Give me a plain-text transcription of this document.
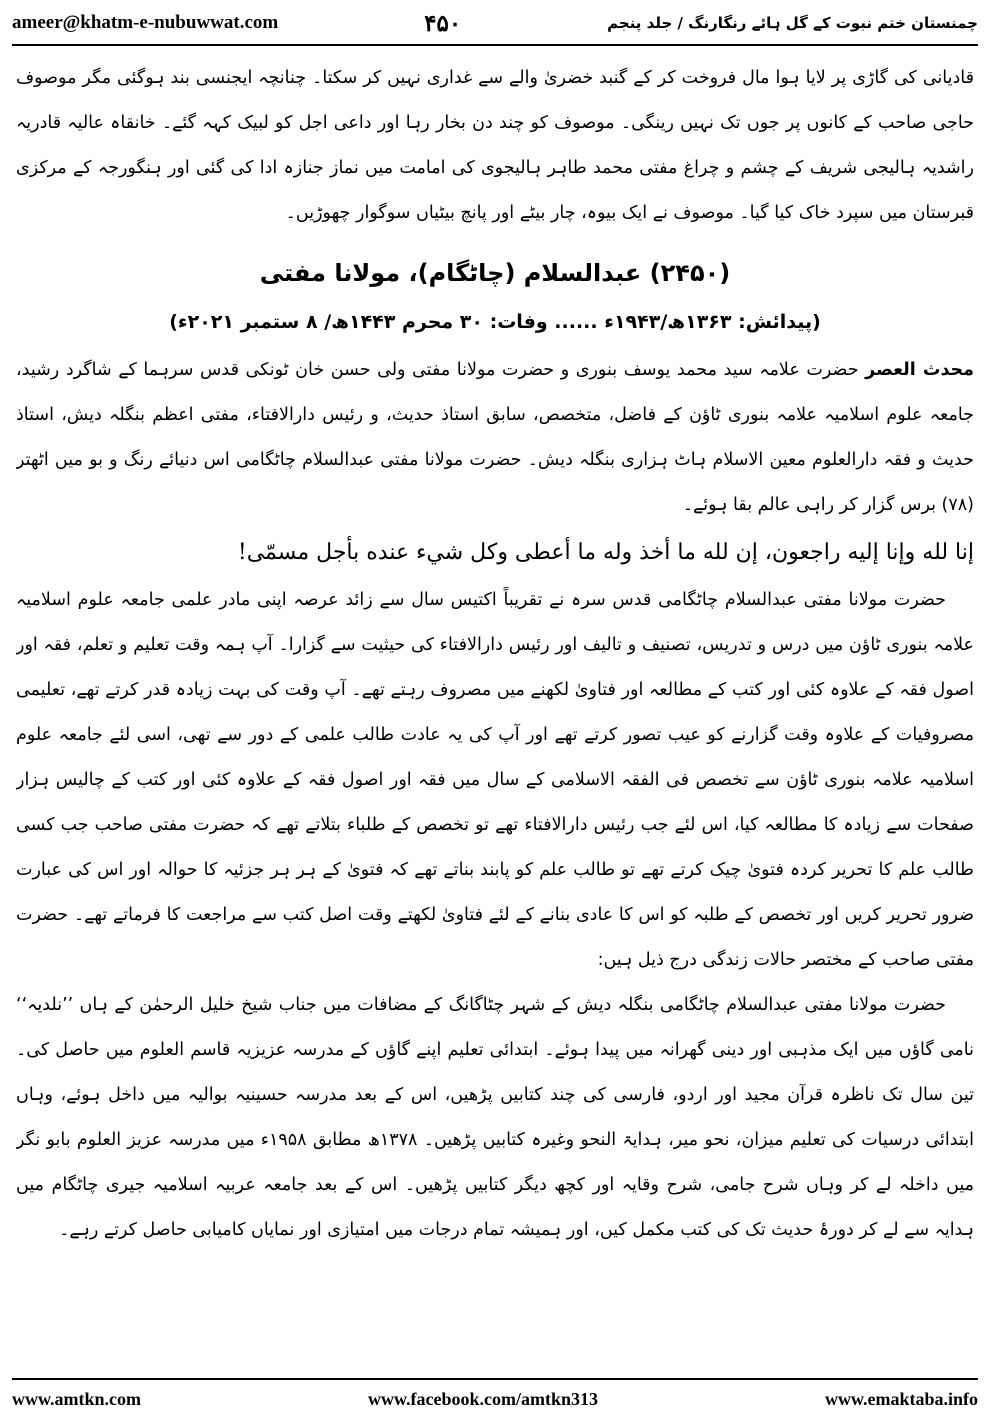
ameer@khatm-e-nubuwwat.com	۴۵۰	چمنستان ختم نبوت کے گل ہائے رنگارنگ / جلد پنجم

قادیانی کی گاڑی پر لایا ہوا مال فروخت کر کے گنبد خضریٰ والے سے غداری نہیں کر سکتا۔ چنانچہ ایجنسی بند ہوگئی مگر موصوف حاجی صاحب کے کانوں پر جوں تک نہیں رینگی۔ موصوف کو چند دن بخار رہا اور داعی اجل کو لبیک کہہ گئے۔ خانقاہ عالیہ قادریہ راشدیہ ہالیجی شریف کے چشم و چراغ مفتی محمد طاہر ہالیجوی کی امامت میں نماز جنازہ ادا کی گئی اور ہنگورجہ کے مرکزی قبرستان میں سپرد خاک کیا گیا۔ موصوف نے ایک بیوہ، چار بیٹے اور پانچ بیٹیاں سوگوار چھوڑیں۔

(۲۴۵۰) عبدالسلام (چاٹگام)، مولانا مفتی
(پیدائش: ۱۳۶۳ھ/۱۹۴۳ء ...... وفات: ۳۰ محرم ۱۴۴۳ھ/ ۸ ستمبر ۲۰۲۱ء)

محدث العصر حضرت علامہ سید محمد یوسف بنوری و حضرت مولانا مفتی ولی حسن خان ٹونکی قدس سرہما کے شاگرد رشید، جامعہ علوم اسلامیہ علامہ بنوری ٹاؤن کے فاضل، متخصص، سابق استاذ حدیث، و رئیس دارالافتاء، مفتی اعظم بنگلہ دیش، استاذ حدیث و فقہ دارالعلوم معین الاسلام ہاٹ ہزاری بنگلہ دیش۔ حضرت مولانا مفتی عبدالسلام چاٹگامی اس دنیائے رنگ و بو میں اٹھتر (۷۸) برس گزار کر راہی عالم بقا ہوئے۔

إنا لله وإنا إليه راجعون، إن لله ما أخذ وله ما أعطى وكل شيء عنده بأجل مسمّى!

حضرت مولانا مفتی عبدالسلام چاٹگامی قدس سرہ نے تقریباً اکتیس سال سے زائد عرصہ اپنی مادر علمی جامعہ علوم اسلامیہ علامہ بنوری ٹاؤن میں درس و تدریس، تصنیف و تالیف اور رئیس دارالافتاء کی حیثیت سے گزارا۔ آپ ہمہ وقت تعلیم و تعلم، فقہ اور اصول فقہ کے علاوہ کئی اور کتب کے مطالعہ اور فتاویٰ لکھنے میں مصروف رہتے تھے۔ آپ وقت کی بہت زیادہ قدر کرتے تھے، تعلیمی مصروفیات کے علاوہ وقت گزارنے کو عیب تصور کرتے تھے اور آپ کی یہ عادت طالب علمی کے دور سے تھی، اسی لئے جامعہ علوم اسلامیہ علامہ بنوری ٹاؤن سے تخصص فی الفقہ الاسلامی کے سال میں فقہ اور اصول فقہ کے علاوہ کئی اور کتب کے چالیس ہزار صفحات سے زیادہ کا مطالعہ کیا، اس لئے جب رئیس دارالافتاء تھے تو تخصص کے طلباء بتلاتے تھے کہ حضرت مفتی صاحب جب کسی طالب علم کا تحریر کردہ فتویٰ چیک کرتے تھے تو طالب علم کو پابند بناتے تھے کہ فتویٰ کے ہر ہر جزئیہ کا حوالہ اور اس کی عبارت ضرور تحریر کریں اور تخصص کے طلبہ کو اس کا عادی بنانے کے لئے فتاویٰ لکھتے وقت اصل کتب سے مراجعت کا فرماتے تھے۔ حضرت مفتی صاحب کے مختصر حالات زندگی درج ذیل ہیں:

حضرت مولانا مفتی عبدالسلام چاٹگامی بنگلہ دیش کے شہر چٹاگانگ کے مضافات میں جناب شیخ خلیل الرحمٰن کے ہاں ’’نلدیہ‘‘ نامی گاؤں میں ایک مذہبی اور دینی گھرانہ میں پیدا ہوئے۔ ابتدائی تعلیم اپنے گاؤں کے مدرسہ عزیزیہ قاسم العلوم میں حاصل کی۔ تین سال تک ناظرہ قرآن مجید اور اردو، فارسی کی چند کتابیں پڑھیں، اس کے بعد مدرسہ حسینیہ بوالیہ میں داخل ہوئے، وہاں ابتدائی درسیات کی تعلیم میزان، نحو میر، ہدایۃ النحو وغیرہ کتابیں پڑھیں۔ ۱۳۷۸ھ مطابق ۱۹۵۸ء میں مدرسہ عزیز العلوم بابو نگر میں داخلہ لے کر وہاں شرح جامی، شرح وقایہ اور کچھ دیگر کتابیں پڑھیں۔ اس کے بعد جامعہ عربیہ اسلامیہ جیری چاٹگام میں ہدایہ سے لے کر دورۂ حدیث تک کی کتب مکمل کیں، اور ہمیشہ تمام درجات میں امتیازی اور نمایاں کامیابی حاصل کرتے رہے۔

www.amtkn.com	www.facebook.com/amtkn313	www.emaktaba.info
